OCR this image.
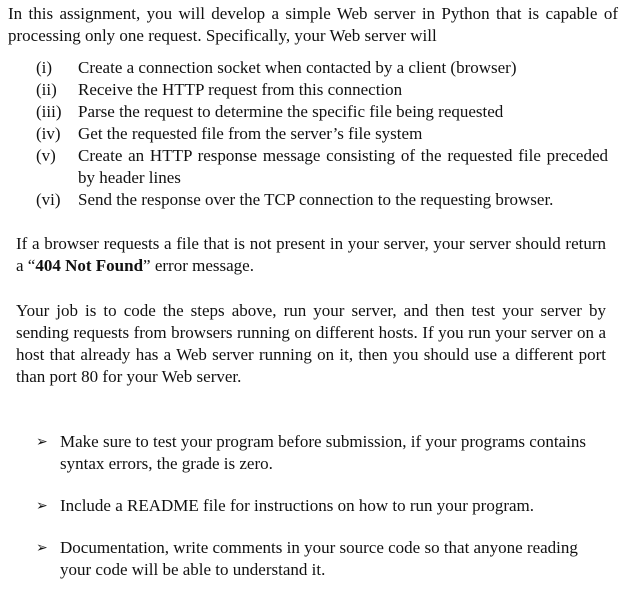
In this assignment, you will develop a simple Web server in Python that is capable of processing only one request. Specifically, your Web server will

(i)	Create a connection socket when contacted by a client (browser)
(ii)	Receive the HTTP request from this connection
(iii) Parse the request to determine the specific file being requested
(iv)	Get the requested file from the server’s file system
(v)	Create an HTTP response message consisting of the requested file preceded by header lines
(vi)	Send the response over the TCP connection to the requesting browser.

If a browser requests a file that is not present in your server, your server should return a “404 Not Found” error message.

Your job is to code the steps above, run your server, and then test your server by sending requests from browsers running on different hosts. If you run your server on a host that already has a Web server running on it, then you should use a different port than port 80 for your Web server.

➢ Make sure to test your program before submission, if your programs contains syntax errors, the grade is zero.
➢ Include a README file for instructions on how to run your program.
➢ Documentation, write comments in your source code so that anyone reading your code will be able to understand it.
